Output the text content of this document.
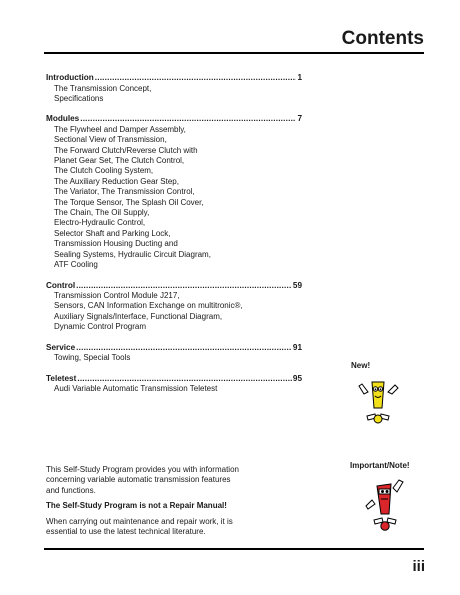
Contents
Introduction .....	1
The Transmission Concept,
Specifications
Modules .....	7
The Flywheel and Damper Assembly,
Sectional View of Transmission,
The Forward Clutch/Reverse Clutch with
Planet Gear Set, The Clutch Control,
The Clutch Cooling System,
The Auxiliary Reduction Gear Step,
The Variator, The Transmission Control,
The Torque Sensor, The Splash Oil Cover,
The Chain, The Oil Supply,
Electro-Hydraulic Control,
Selector Shaft and Parking Lock,
Transmission Housing Ducting and
Sealing Systems, Hydraulic Circuit Diagram,
ATF Cooling
Control .....	59
Transmission Control Module J217,
Sensors, CAN Information Exchange on multitronic®,
Auxiliary Signals/Interface, Functional Diagram,
Dynamic Control Program
Service .....	91
Towing, Special Tools
Teletest .....	95
Audi Variable Automatic Transmission Teletest
New!
Important/Note!

This Self-Study Program provides you with information
concerning variable automatic transmission features
and functions.

The Self-Study Program is not a Repair Manual!

When carrying out maintenance and repair work, it is
essential to use the latest technical literature.

iii
